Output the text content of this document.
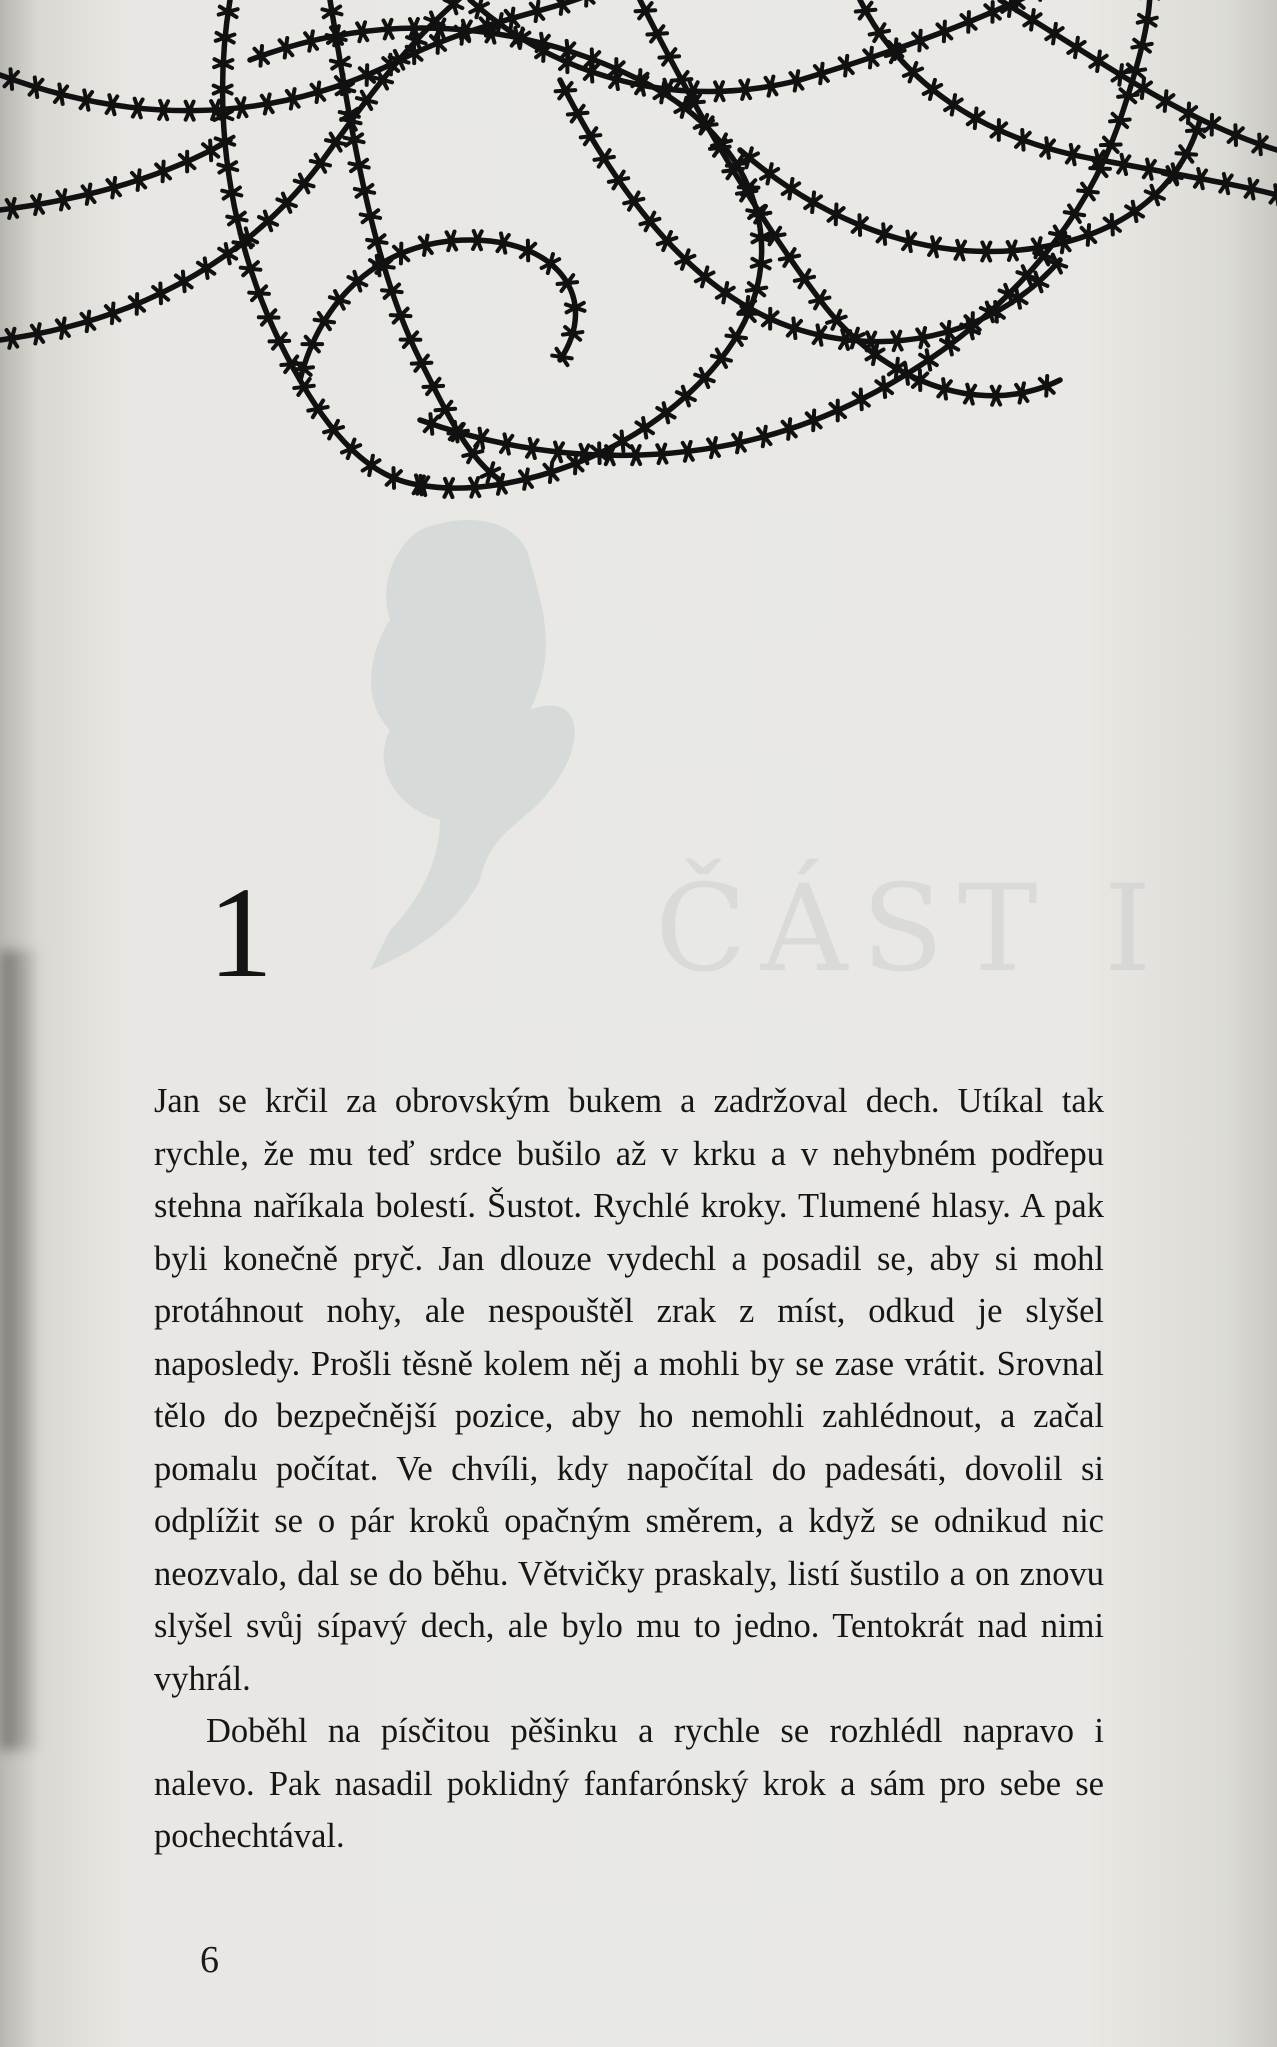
ČÁST I
1

Jan se krčil za obrovským bukem a zadržoval dech. Utíkal tak rychle, že mu teď srdce bušilo až v krku a v nehybném podřepu stehna naříkala bolestí. Šustot. Rychlé kroky. Tlumené hlasy. A pak byli konečně pryč. Jan dlouze vydechl a posadil se, aby si mohl protáhnout nohy, ale nespouštěl zrak z míst, odkud je slyšel naposledy. Prošli těsně kolem něj a mohli by se zase vrátit. Srovnal tělo do bezpečnější pozice, aby ho nemohli zahlédnout, a začal pomalu počítat. Ve chvíli, kdy napočítal do padesáti, dovolil si odplížit se o pár kroků opačným směrem, a když se odnikud nic neozvalo, dal se do běhu. Větvičky praskaly, listí šustilo a on znovu slyšel svůj sípavý dech, ale bylo mu to jedno. Tentokrát nad nimi vyhrál.

Doběhl na písčitou pěšinku a rychle se rozhlédl napravo i nalevo. Pak nasadil poklidný fanfarónský krok a sám pro sebe se pochechtával.

6
